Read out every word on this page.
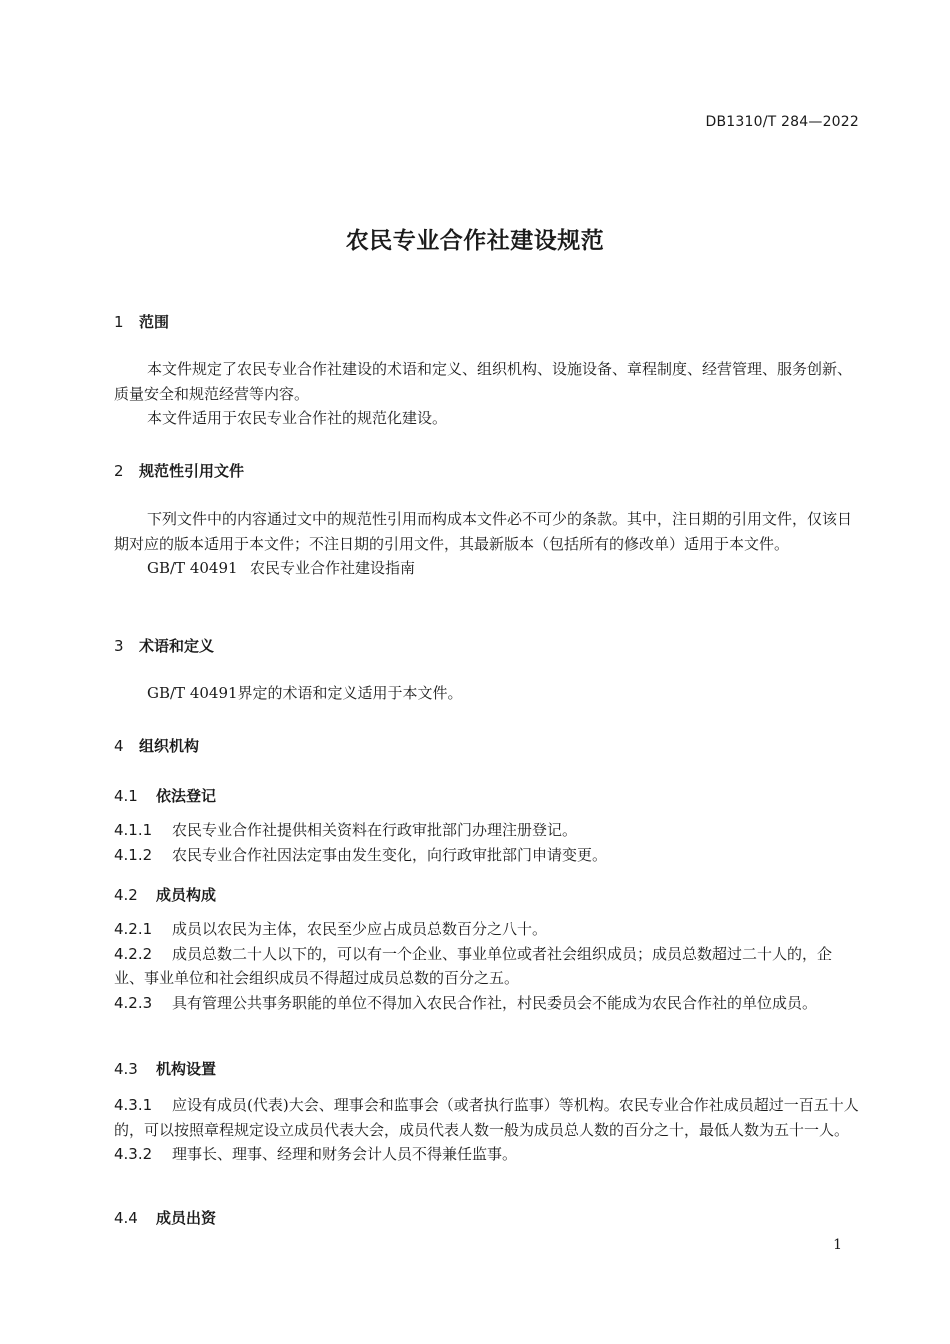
DB1310/T 284—2022
农民专业合作社建设规范
1 范围
本文件规定了农民专业合作社建设的术语和定义、组织机构、设施设备、章程制度、经营管理、服务创新、质量安全和规范经营等内容。
本文件适用于农民专业合作社的规范化建设。
2 规范性引用文件
下列文件中的内容通过文中的规范性引用而构成本文件必不可少的条款。其中，注日期的引用文件，仅该日期对应的版本适用于本文件；不注日期的引用文件，其最新版本（包括所有的修改单）适用于本文件。
GB/T 40491 农民专业合作社建设指南
3 术语和定义
GB/T 40491界定的术语和定义适用于本文件。
4 组织机构
4.1 依法登记
4.1.1 农民专业合作社提供相关资料在行政审批部门办理注册登记。
4.1.2 农民专业合作社因法定事由发生变化，向行政审批部门申请变更。
4.2 成员构成
4.2.1 成员以农民为主体，农民至少应占成员总数百分之八十。
4.2.2 成员总数二十人以下的，可以有一个企业、事业单位或者社会组织成员；成员总数超过二十人的，企业、事业单位和社会组织成员不得超过成员总数的百分之五。
4.2.3 具有管理公共事务职能的单位不得加入农民合作社，村民委员会不能成为农民合作社的单位成员。
4.3 机构设置
4.3.1 应设有成员(代表)大会、理事会和监事会（或者执行监事）等机构。农民专业合作社成员超过一百五十人的，可以按照章程规定设立成员代表大会，成员代表人数一般为成员总人数的百分之十，最低人数为五十一人。
4.3.2 理事长、理事、经理和财务会计人员不得兼任监事。
4.4 成员出资
1
